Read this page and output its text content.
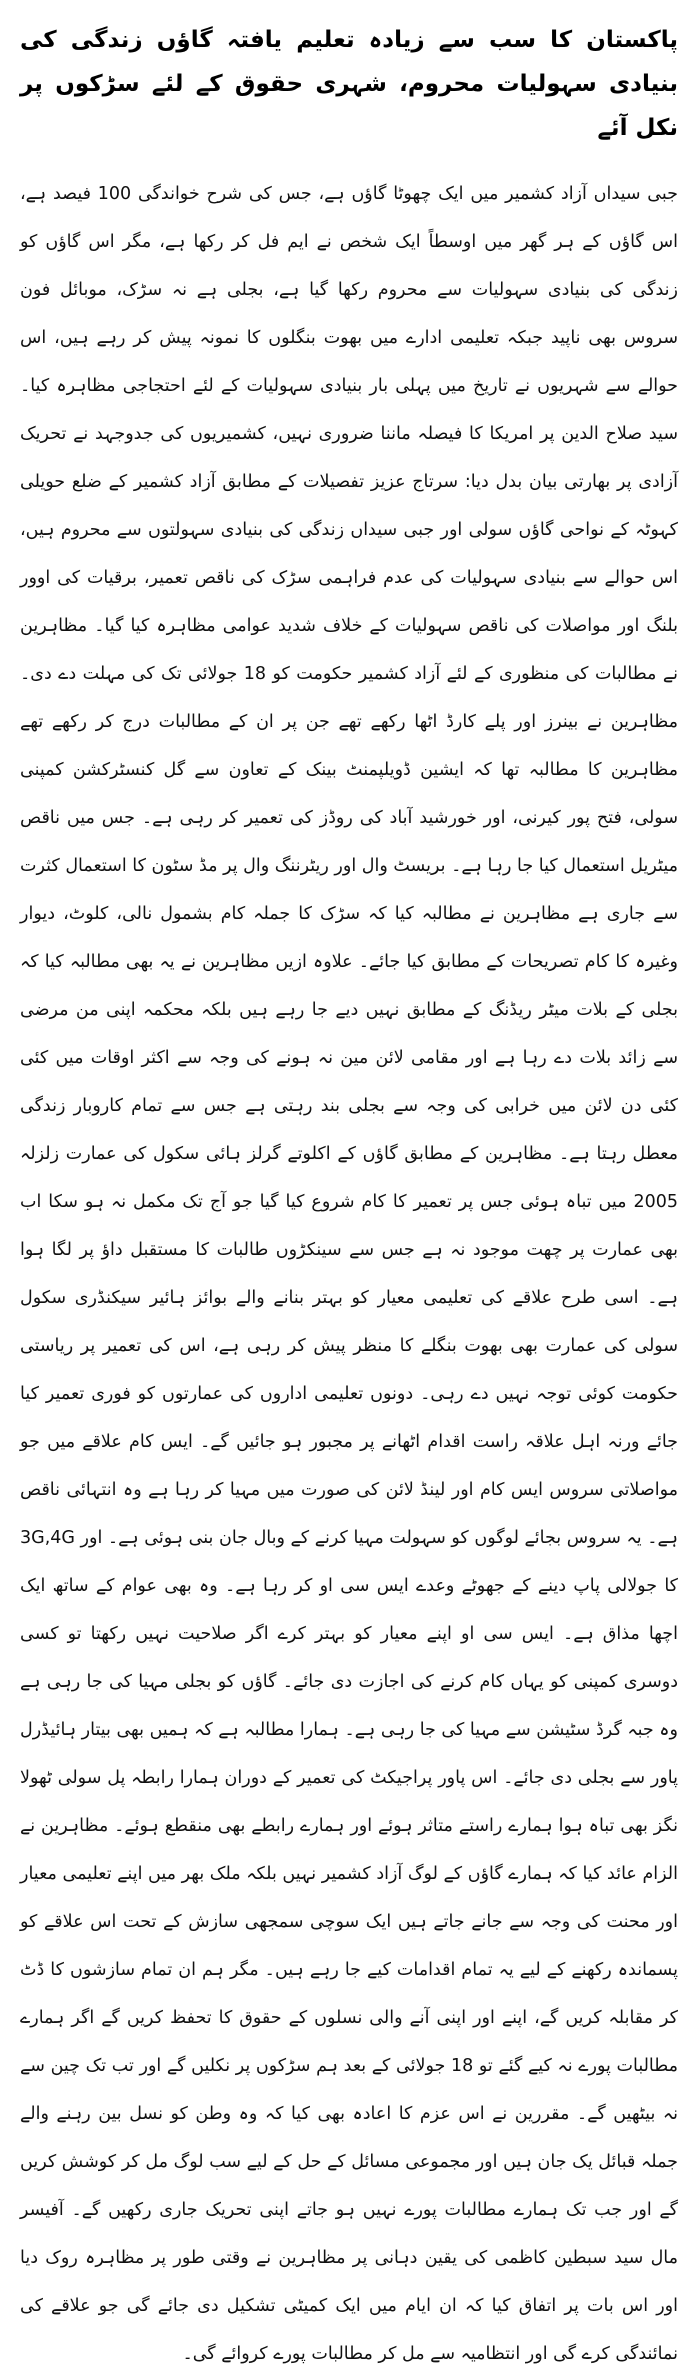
پاکستان کا سب سے زیادہ تعلیم یافتہ گاؤں زندگی کی بنیادی سہولیات محروم، شہری حقوق کے لئے سڑکوں پر نکل آئے

جبی سیداں آزاد کشمیر میں ایک چھوٹا گاؤں ہے، جس کی شرح خواندگی 100 فیصد ہے، اس گاؤں کے ہر گھر میں اوسطاً ایک شخص نے ایم فل کر رکھا ہے، مگر اس گاؤں کو زندگی کی بنیادی سہولیات سے محروم رکھا گیا ہے، بجلی ہے نہ سڑک، موبائل فون سروس بھی ناپید جبکہ تعلیمی ادارے میں بھوت بنگلوں کا نمونہ پیش کر رہے ہیں، اس حوالے سے شہریوں نے تاریخ میں پہلی بار بنیادی سہولیات کے لئے احتجاجی مظاہرہ کیا۔ سید صلاح الدین پر امریکا کا فیصلہ ماننا ضروری نہیں، کشمیریوں کی جدوجہد نے تحریک آزادی پر بھارتی بیان بدل دیا: سرتاج عزیز تفصیلات کے مطابق آزاد کشمیر کے ضلع حویلی کہوٹہ کے نواحی گاؤں سولی اور جبی سیداں زندگی کی بنیادی سہولتوں سے محروم ہیں، اس حوالے سے بنیادی سہولیات کی عدم فراہمی سڑک کی ناقص تعمیر، برقیات کی اوور بلنگ اور مواصلات کی ناقص سہولیات کے خلاف شدید عوامی مظاہرہ کیا گیا۔ مظاہرین نے مطالبات کی منظوری کے لئے آزاد کشمیر حکومت کو 18 جولائی تک کی مہلت دے دی۔ مظاہرین نے بینرز اور پلے کارڈ اٹھا رکھے تھے جن پر ان کے مطالبات درج کر رکھے تھے مظاہرین کا مطالبہ تھا کہ ایشین ڈویلپمنٹ بینک کے تعاون سے گل کنسٹرکشن کمپنی سولی، فتح پور کیرنی، اور خورشید آباد کی روڈز کی تعمیر کر رہی ہے۔ جس میں ناقص میٹریل استعمال کیا جا رہا ہے۔ بریسٹ وال اور ریٹرننگ وال پر مڈ سٹون کا استعمال کثرت سے جاری ہے مظاہرین نے مطالبہ کیا کہ سڑک کا جملہ کام بشمول نالی، کلوٹ، دیوار وغیرہ کا کام تصریحات کے مطابق کیا جائے۔ علاوہ ازیں مظاہرین نے یہ بھی مطالبہ کیا کہ بجلی کے بلات میٹر ریڈنگ کے مطابق نہیں دیے جا رہے ہیں بلکہ محکمہ اپنی من مرضی سے زائد بلات دے رہا ہے اور مقامی لائن مین نہ ہونے کی وجہ سے اکثر اوقات میں کئی کئی دن لائن میں خرابی کی وجہ سے بجلی بند رہتی ہے جس سے تمام کاروبار زندگی معطل رہتا ہے۔ مظاہرین کے مطابق گاؤں کے اکلوتے گرلز ہائی سکول کی عمارت زلزلہ 2005 میں تباہ ہوئی جس پر تعمیر کا کام شروع کیا گیا جو آج تک مکمل نہ ہو سکا اب بھی عمارت پر چھت موجود نہ ہے جس سے سینکڑوں طالبات کا مستقبل داؤ پر لگا ہوا ہے۔ اسی طرح علاقے کی تعلیمی معیار کو بہتر بنانے والے بوائز ہائیر سیکنڈری سکول سولی کی عمارت بھی بھوت بنگلے کا منظر پیش کر رہی ہے، اس کی تعمیر پر ریاستی حکومت کوئی توجہ نہیں دے رہی۔ دونوں تعلیمی اداروں کی عمارتوں کو فوری تعمیر کیا جائے ورنہ اہل علاقہ راست اقدام اٹھانے پر مجبور ہو جائیں گے۔ ایس کام علاقے میں جو مواصلاتی سروس ایس کام اور لینڈ لائن کی صورت میں مہیا کر رہا ہے وہ انتہائی ناقص ہے۔ یہ سروس بجائے لوگوں کو سہولت مہیا کرنے کے وبال جان بنی ہوئی ہے۔ اور 3G,4G کا جولالی پاپ دینے کے جھوٹے وعدے ایس سی او کر رہا ہے۔ وہ بھی عوام کے ساتھ ایک اچھا مذاق ہے۔ ایس سی او اپنے معیار کو بہتر کرے اگر صلاحیت نہیں رکھتا تو کسی دوسری کمپنی کو یہاں کام کرنے کی اجازت دی جائے۔ گاؤں کو بجلی مہیا کی جا رہی ہے وہ جبہ گرڈ سٹیشن سے مہیا کی جا رہی ہے۔ ہمارا مطالبہ ہے کہ ہمیں بھی بیتار ہائیڈرل پاور سے بجلی دی جائے۔ اس پاور پراجیکٹ کی تعمیر کے دوران ہمارا رابطہ پل سولی ٹھولا نگز بھی تباہ ہوا ہمارے راستے متاثر ہوئے اور ہمارے رابطے بھی منقطع ہوئے۔ مظاہرین نے الزام عائد کیا کہ ہمارے گاؤں کے لوگ آزاد کشمیر نہیں بلکہ ملک بھر میں اپنے تعلیمی معیار اور محنت کی وجہ سے جانے جاتے ہیں ایک سوچی سمجھی سازش کے تحت اس علاقے کو پسماندہ رکھنے کے لیے یہ تمام اقدامات کیے جا رہے ہیں۔ مگر ہم ان تمام سازشوں کا ڈٹ کر مقابلہ کریں گے، اپنے اور اپنی آنے والی نسلوں کے حقوق کا تحفظ کریں گے اگر ہمارے مطالبات پورے نہ کیے گئے تو 18 جولائی کے بعد ہم سڑکوں پر نکلیں گے اور تب تک چین سے نہ بیٹھیں گے۔ مقررین نے اس عزم کا اعادہ بھی کیا کہ وہ وطن کو نسل بین رہنے والے جملہ قبائل یک جان ہیں اور مجموعی مسائل کے حل کے لیے سب لوگ مل کر کوشش کریں گے اور جب تک ہمارے مطالبات پورے نہیں ہو جاتے اپنی تحریک جاری رکھیں گے۔ آفیسر مال سید سبطین کاظمی کی یقین دہانی پر مظاہرین نے وقتی طور پر مظاہرہ روک دیا اور اس بات پر اتفاق کیا کہ ان ایام میں ایک کمیٹی تشکیل دی جائے گی جو علاقے کی نمائندگی کرے گی اور انتظامیہ سے مل کر مطالبات پورے کروائے گی۔
